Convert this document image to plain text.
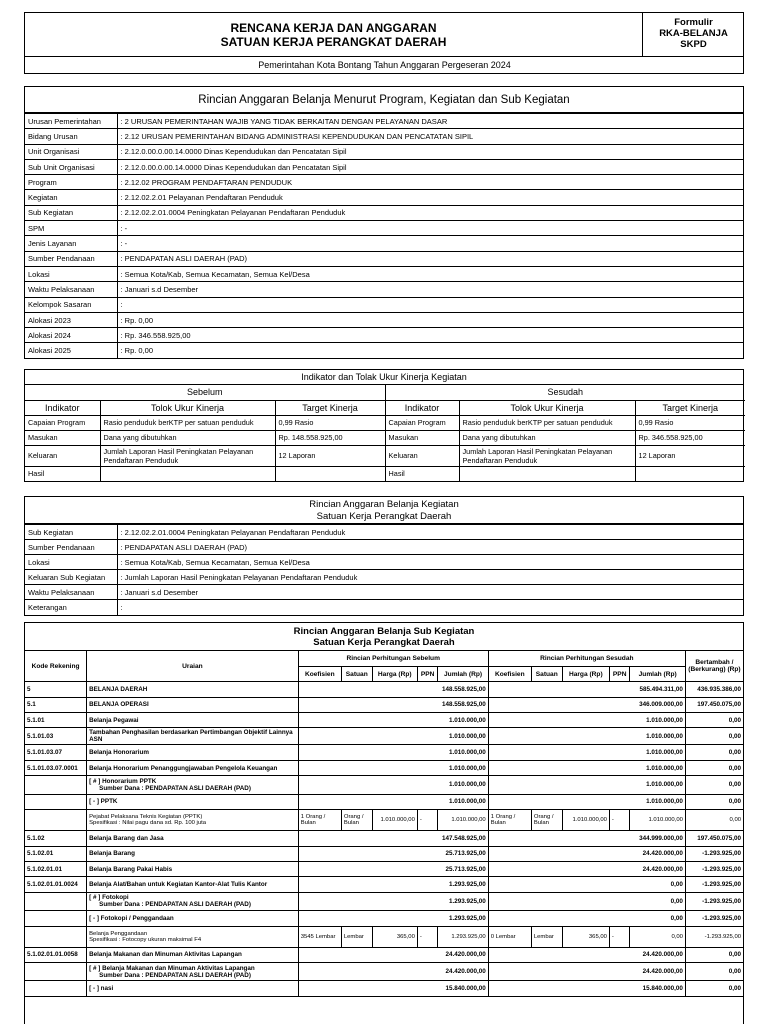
RENCANA KERJA DAN ANGGARAN
SATUAN KERJA PERANGKAT DAERAH
Formulir
RKA-BELANJA
SKPD
Pemerintahan Kota Bontang Tahun Anggaran Pergeseran 2024
Rincian Anggaran Belanja Menurut Program, Kegiatan dan Sub Kegiatan
Urusan Pemerintahan	: 2 URUSAN PEMERINTAHAN WAJIB YANG TIDAK BERKAITAN DENGAN PELAYANAN DASAR
Bidang Urusan	: 2.12 URUSAN PEMERINTAHAN BIDANG ADMINISTRASI KEPENDUDUKAN DAN PENCATATAN SIPIL
Unit Organisasi	: 2.12.0.00.0.00.14.0000 Dinas Kependudukan dan Pencatatan Sipil
Sub Unit Organisasi	: 2.12.0.00.0.00.14.0000 Dinas Kependudukan dan Pencatatan Sipil
Program	: 2.12.02 PROGRAM PENDAFTARAN PENDUDUK
Kegiatan	: 2.12.02.2.01 Pelayanan Pendaftaran Penduduk
Sub Kegiatan	: 2.12.02.2.01.0004 Peningkatan Pelayanan Pendaftaran Penduduk
SPM	: -
Jenis Layanan	: -
Sumber Pendanaan	: PENDAPATAN ASLI DAERAH (PAD)
Lokasi	: Semua Kota/Kab, Semua Kecamatan, Semua Kel/Desa
Waktu Pelaksanaan	: Januari s.d Desember
Kelompok Sasaran	:
Alokasi 2023	: Rp. 0,00
Alokasi 2024	: Rp. 346.558.925,00
Alokasi 2025	: Rp. 0,00
Indikator dan Tolak Ukur Kinerja Kegiatan
Sebelum			Sesudah		
Indikator	Tolok Ukur Kinerja	Target Kinerja	Indikator	Tolok Ukur Kinerja	Target Kinerja
Capaian Program	Rasio penduduk berKTP per satuan penduduk	0,99 Rasio	Capaian Program	Rasio penduduk berKTP per satuan penduduk	0,99 Rasio
Masukan	Dana yang dibutuhkan	Rp. 148.558.925,00	Masukan	Dana yang dibutuhkan	Rp. 346.558.925,00
Keluaran	Jumlah Laporan Hasil Peningkatan Pelayanan Pendaftaran Penduduk	12 Laporan	Keluaran	Jumlah Laporan Hasil Peningkatan Pelayanan Pendaftaran Penduduk	12 Laporan
Hasil			Hasil		
Rincian Anggaran Belanja Kegiatan
Satuan Kerja Perangkat Daerah
Sub Kegiatan	: 2.12.02.2.01.0004 Peningkatan Pelayanan Pendaftaran Penduduk
Sumber Pendanaan	: PENDAPATAN ASLI DAERAH (PAD)
Lokasi	: Semua Kota/Kab, Semua Kecamatan, Semua Kel/Desa
Keluaran Sub Kegiatan	: Jumlah Laporan Hasil Peningkatan Pelayanan Pendaftaran Penduduk
Waktu Pelaksanaan	: Januari s.d Desember
Keterangan	:
Rincian Anggaran Belanja Sub Kegiatan
Satuan Kerja Perangkat Daerah
Kode Rekening	Uraian	Rincian Perhitungan Sebelum					Rincian Perhitungan Sesudah					Bertambah / (Berkurang) (Rp)
		Koefisien	Satuan	Harga (Rp)	PPN	Jumlah (Rp)	Koefisien	Satuan	Harga (Rp)	PPN	Jumlah (Rp)	
5	BELANJA DAERAH					148.558.925,00					585.494.311,00	436.935.386,00
5.1	BELANJA OPERASI					148.558.925,00					346.009.000,00	197.450.075,00
5.1.01	Belanja Pegawai					1.010.000,00					1.010.000,00	0,00
5.1.01.03	Tambahan Penghasilan berdasarkan Pertimbangan Objektif Lainnya ASN					1.010.000,00					1.010.000,00	0,00
5.1.01.03.07	Belanja Honorarium					1.010.000,00					1.010.000,00	0,00
5.1.01.03.07.0001	Belanja Honorarium Penanggungjawaban Pengelola Keuangan					1.010.000,00					1.010.000,00	0,00

	[ # ] Honorarium PPTK
Sumber Dana : PENDAPATAN ASLI DAERAH (PAD)					1.010.000,00					1.010.000,00	0,00

	[ - ] PPTK					1.010.000,00					1.010.000,00	0,00

	Pejabat Pelaksana Teknis Kegiatan (PPTK)
Spesifikasi : Nilai pagu dana sd. Rp. 100 juta	1 Orang / Bulan	Orang / Bulan	1.010.000,00	-	1.010.000,00	1 Orang / Bulan	Orang / Bulan	1.010.000,00	-	1.010.000,00	0,00
5.1.02	Belanja Barang dan Jasa					147.548.925,00					344.999.000,00	197.450.075,00
5.1.02.01	Belanja Barang					25.713.925,00					24.420.000,00	-1.293.925,00
5.1.02.01.01	Belanja Barang Pakai Habis					25.713.925,00					24.420.000,00	-1.293.925,00
5.1.02.01.01.0024	Belanja Alat/Bahan untuk Kegiatan Kantor-Alat Tulis Kantor					1.293.925,00					0,00	-1.293.925,00

	[ # ] Fotokopi
Sumber Dana : PENDAPATAN ASLI DAERAH (PAD)					1.293.925,00					0,00	-1.293.925,00

	[ - ] Fotokopi / Penggandaan					1.293.925,00					0,00	-1.293.925,00

	Belanja Penggandaan
Spesifikasi : Fotocopy ukuran maksimal F4	3545 Lembar	Lembar	365,00	-	1.293.925,00	0 Lembar	Lembar	365,00	-	0,00	-1.293.925,00
5.1.02.01.01.0058	Belanja Makanan dan Minuman Aktivitas Lapangan					24.420.000,00					24.420.000,00	0,00

	[ # ] Belanja Makanan dan Minuman Aktivitas Lapangan
Sumber Dana : PENDAPATAN ASLI DAERAH (PAD)					24.420.000,00					24.420.000,00	0,00

	[ - ] nasi					15.840.000,00					15.840.000,00	0,00
